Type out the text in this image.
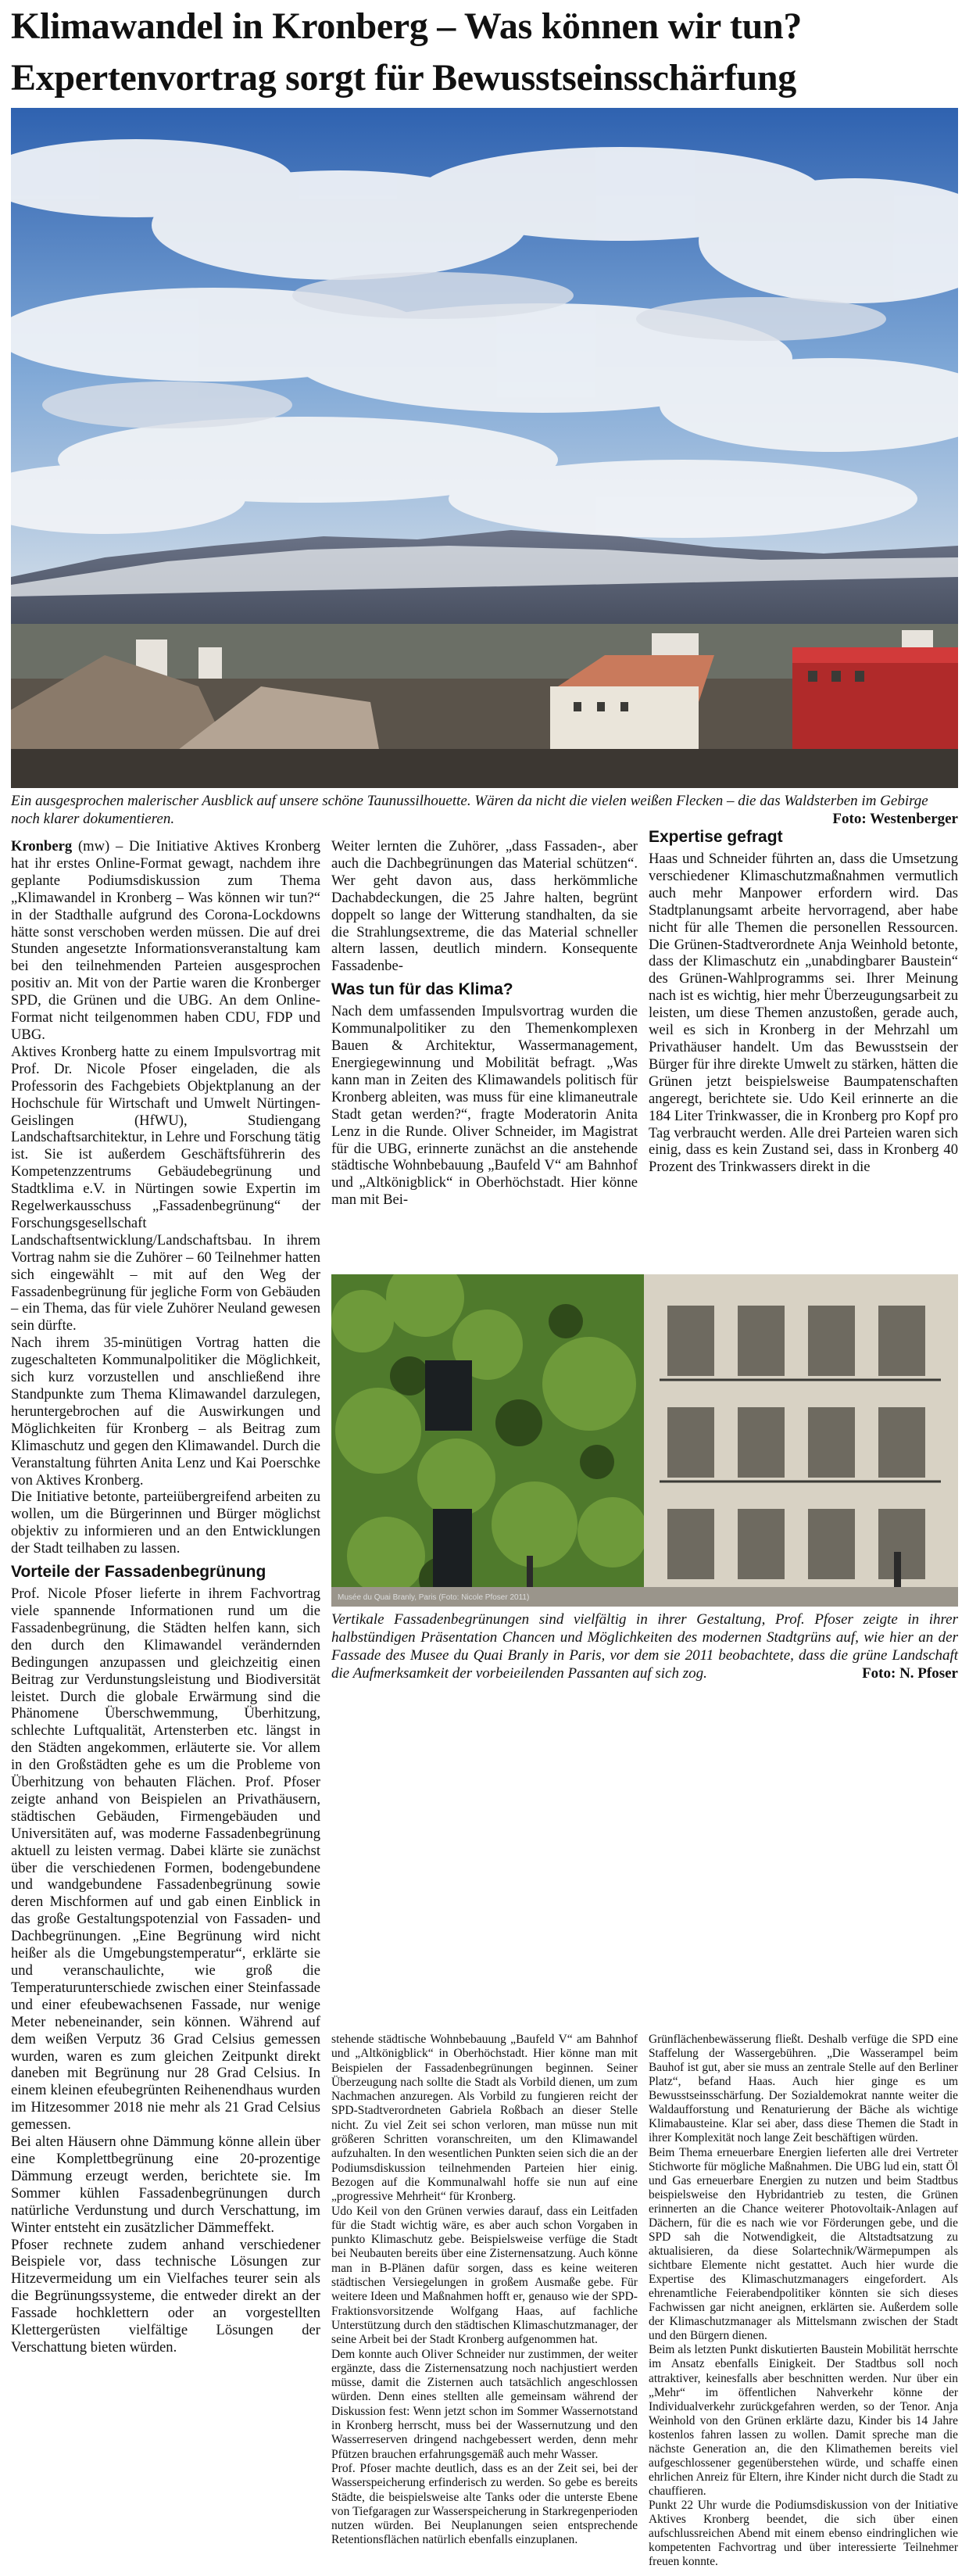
Klimawandel in Kronberg – Was können wir tun?
Expertenvortrag sorgt für Bewusstseinsschärfung
Ein ausgesprochen malerischer Ausblick auf unsere schöne Taunussilhouette. Wären da nicht die vielen weißen Flecken – die das Waldsterben im Gebirge noch klarer dokumentieren.	Foto: Westenberger

Kronberg (mw) – Die Initiative Aktives Kronberg hat ihr erstes Online-Format gewagt, nachdem ihre geplante Podiumsdiskussion zum Thema „Klimawandel in Kronberg – Was können wir tun?“ in der Stadthalle aufgrund des Corona-Lockdowns hätte sonst verschoben werden müssen. Die auf drei Stunden angesetzte Informationsveranstaltung kam bei den teilnehmenden Parteien ausgesprochen positiv an. Mit von der Partie waren die Kronberger SPD, die Grünen und die UBG. An dem Online-Format nicht teilgenommen haben CDU, FDP und UBG.

Aktives Kronberg hatte zu einem Impulsvortrag mit Prof. Dr. Nicole Pfoser eingeladen, die als Professorin des Fachgebiets Objektplanung an der Hochschule für Wirtschaft und Umwelt Nürtingen-Geislingen (HfWU), Studiengang Landschaftsarchitektur, in Lehre und Forschung tätig ist. Sie ist außerdem Geschäftsführerin des Kompetenzzentrums Gebäudebegrünung und Stadtklima e.V. in Nürtingen sowie Expertin im Regelwerkausschuss „Fassadenbegrünung“ der Forschungsgesellschaft Landschaftsentwicklung/Landschaftsbau. In ihrem Vortrag nahm sie die Zuhörer – 60 Teilnehmer hatten sich eingewählt – mit auf den Weg der Fassadenbegrünung für jegliche Form von Gebäuden – ein Thema, das für viele Zuhörer Neuland gewesen sein dürfte.

Nach ihrem 35-minütigen Vortrag hatten die zugeschalteten Kommunalpolitiker die Möglichkeit, sich kurz vorzustellen und anschließend ihre Standpunkte zum Thema Klimawandel darzulegen, heruntergebrochen auf die Auswirkungen und Möglichkeiten für Kronberg – als Beitrag zum Klimaschutz und gegen den Klimawandel. Durch die Veranstaltung führten Anita Lenz und Kai Poerschke von Aktives Kronberg.

Die Initiative betonte, parteiübergreifend arbeiten zu wollen, um die Bürgerinnen und Bürger möglichst objektiv zu informieren und an den Entwicklungen der Stadt teilhaben zu lassen.

Vorteile der Fassadenbegrünung

Prof. Nicole Pfoser lieferte in ihrem Fachvortrag viele spannende Informationen rund um die Fassadenbegrünung, die Städten helfen kann, sich den durch den Klimawandel verändernden Bedingungen anzupassen und gleichzeitig einen Beitrag zur Verdunstungsleistung und Biodiversität leistet. Durch die globale Erwärmung sind die Phänomene Überschwemmung, Überhitzung, schlechte Luftqualität, Artensterben etc. längst in den Städten angekommen, erläuterte sie. Vor allem in den Großstädten gehe es um die Probleme von Überhitzung von behauten Flächen. Prof. Pfoser zeigte anhand von Beispielen an Privathäusern, städtischen Gebäuden, Firmengebäuden und Universitäten auf, was moderne Fassadenbegrünung aktuell zu leisten vermag. Dabei klärte sie zunächst über die verschiedenen Formen, bodengebundene und wandgebundene Fassadenbegrünung sowie deren Mischformen auf und gab einen Einblick in das große Gestaltungspotenzial von Fassaden- und Dachbegrünungen. „Eine Begrünung wird nicht heißer als die Umgebungstemperatur“, erklärte sie und veranschaulichte, wie groß die Temperaturunterschiede zwischen einer Steinfassade und einer efeubewachsenen Fassade, nur wenige Meter nebeneinander, sein können. Während auf dem weißen Verputz 36 Grad Celsius gemessen wurden, waren es zum gleichen Zeitpunkt direkt daneben mit Begrünung nur 28 Grad Celsius. In einem kleinen efeubegrünten Reihenendhaus wurden im Hitzesommer 2018 nie mehr als 21 Grad Celsius gemessen.

Bei alten Häusern ohne Dämmung könne allein über eine Komplettbegrünung eine 20-prozentige Dämmung erzeugt werden, berichtete sie. Im Sommer kühlen Fassadenbegrünungen durch natürliche Verdunstung und durch Verschattung, im Winter entsteht ein zusätzlicher Dämmeffekt.

Pfoser rechnete zudem anhand verschiedener Beispiele vor, dass technische Lösungen zur Hitzevermeidung um ein Vielfaches teurer sein als die Begrünungssysteme, die entweder direkt an der Fassade hochklettern oder an vorgestellten Klettergerüsten vielfältige Lösungen der Verschattung bieten würden.

Weiter lernten die Zuhörer, „dass Fassaden-, aber auch die Dachbegrünungen das Material schützen“. Wer geht davon aus, dass herkömmliche Dachabdeckungen, die 25 Jahre halten, begrünt doppelt so lange der Witterung standhalten, da sie die Strahlungsextreme, die das Material schneller altern lassen, deutlich mindern. Konsequente Fassadenbe-

Was tun für das Klima?

Nach dem umfassenden Impulsvortrag wurden die Kommunalpolitiker zu den Themenkomplexen Bauen & Architektur, Wassermanagement, Energiegewinnung und Mobilität befragt. „Was kann man in Zeiten des Klimawandels politisch für Kronberg ableiten, was muss für eine klimaneutrale Stadt getan werden?“, fragte Moderatorin Anita Lenz in die Runde. Oliver Schneider, im Magistrat für die UBG, erinnerte zunächst an die anstehende städtische Wohnbebauung „Baufeld V“ am Bahnhof und „Altkönigblick“ in Oberhöchstadt. Hier könne man mit Bei-

Expertise gefragt

Haas und Schneider führten an, dass die Umsetzung verschiedener Klimaschutzmaßnahmen vermutlich auch mehr Manpower erfordern wird. Das Stadtplanungsamt arbeite hervorragend, aber habe nicht für alle Themen die personellen Ressourcen. Die Grünen-Stadtverordnete Anja Weinhold betonte, dass der Klimaschutz ein „unabdingbarer Baustein“ des Grünen-Wahlprogramms sei. Ihrer Meinung nach ist es wichtig, hier mehr Überzeugungsarbeit zu leisten, um diese Themen anzustoßen, gerade auch, weil es sich in Kronberg in der Mehrzahl um Privathäuser handelt. Um das Bewusstsein der Bürger für ihre direkte Umwelt zu stärken, hätten die Grünen jetzt beispielsweise Baumpatenschaften angeregt, berichtete sie. Udo Keil erinnerte an die 184 Liter Trinkwasser, die in Kronberg pro Kopf pro Tag verbraucht werden. Alle drei Parteien waren sich einig, dass es kein Zustand sei, dass in Kronberg 40 Prozent des Trinkwassers direkt in die

Musée du Quai Branly, Paris (Foto: Nicole Pfoser 2011)
Vertikale Fassadenbegrünungen sind vielfältig in ihrer Gestaltung, Prof. Pfoser zeigte in ihrer halbstündigen Präsentation Chancen und Möglichkeiten des modernen Stadtgrüns auf, wie hier an der Fassade des Musee du Quai Branly in Paris, vor dem sie 2011 beobachtete, dass die grüne Landschaft die Aufmerksamkeit der vorbeieilenden Passanten auf sich zog.	Foto: N. Pfoser

stehende städtische Wohnbebauung „Baufeld V“ am Bahnhof und „Altkönigblick“ in Oberhöchstadt. Hier könne man mit Beispielen der Fassadenbegrünungen beginnen. Seiner Überzeugung nach sollte die Stadt als Vorbild dienen, um zum Nachmachen anzuregen. Als Vorbild zu fungieren reicht der SPD-Stadtverordneten Gabriela Roßbach an dieser Stelle nicht. Zu viel Zeit sei schon verloren, man müsse nun mit größeren Schritten voranschreiten, um den Klimawandel aufzuhalten. In den wesentlichen Punkten seien sich die an der Podiumsdiskussion teilnehmenden Parteien hier einig. Bezogen auf die Kommunalwahl hoffe sie nun auf eine „progressive Mehrheit“ für Kronberg.

Udo Keil von den Grünen verwies darauf, dass ein Leitfaden für die Stadt wichtig wäre, es aber auch schon Vorgaben in punkto Klimaschutz gebe. Beispielsweise verfüge die Stadt bei Neubauten bereits über eine Zisternensatzung. Auch könne man in B-Plänen dafür sorgen, dass es keine weiteren städtischen Versiegelungen in großem Ausmaße gebe. Für weitere Ideen und Maßnahmen hofft er, genauso wie der SPD-Fraktionsvorsitzende Wolfgang Haas, auf fachliche Unterstützung durch den städtischen Klimaschutzmanager, der seine Arbeit bei der Stadt Kronberg aufgenommen hat.

Dem konnte auch Oliver Schneider nur zustimmen, der weiter ergänzte, dass die Zisternensatzung noch nachjustiert werden müsse, damit die Zisternen auch tatsächlich angeschlossen würden. Denn eines stellten alle gemeinsam während der Diskussion fest: Wenn jetzt schon im Sommer Wassernotstand in Kronberg herrscht, muss bei der Wassernutzung und den Wasserreserven dringend nachgebessert werden, denn mehr Pfützen brauchen erfahrungsgemäß auch mehr Wasser.

Prof. Pfoser machte deutlich, dass es an der Zeit sei, bei der Wasserspeicherung erfinderisch zu werden. So gebe es bereits Städte, die beispielsweise alte Tanks oder die unterste Ebene von Tiefgaragen zur Wasserspeicherung in Starkregenperioden nutzen würden. Bei Neuplanungen seien entsprechende Retentionsflächen natürlich ebenfalls einzuplanen.

Grünflächenbewässerung fließt. Deshalb verfüge die SPD eine Staffelung der Wassergebühren. „Die Wasserampel beim Bauhof ist gut, aber sie muss an zentrale Stelle auf den Berliner Platz“, befand Haas. Auch hier ginge es um Bewusstseinsschärfung. Der Sozialdemokrat nannte weiter die Waldaufforstung und Renaturierung der Bäche als wichtige Klimabausteine. Klar sei aber, dass diese Themen die Stadt in ihrer Komplexität noch lange Zeit beschäftigen würden.

Beim Thema erneuerbare Energien lieferten alle drei Vertreter Stichworte für mögliche Maßnahmen. Die UBG lud ein, statt Öl und Gas erneuerbare Energien zu nutzen und beim Stadtbus beispielsweise den Hybridantrieb zu testen, die Grünen erinnerten an die Chance weiterer Photovoltaik-Anlagen auf Dächern, für die es nach wie vor Förderungen gebe, und die SPD sah die Notwendigkeit, die Altstadtsatzung zu aktualisieren, da diese Solartechnik/Wärmepumpen als sichtbare Elemente nicht gestattet. Auch hier wurde die Expertise des Klimaschutzmanagers eingefordert. Als ehrenamtliche Feierabendpolitiker könnten sie sich dieses Fachwissen gar nicht aneignen, erklärten sie. Außerdem solle der Klimaschutzmanager als Mittelsmann zwischen der Stadt und den Bürgern dienen.

Beim als letzten Punkt diskutierten Baustein Mobilität herrschte im Ansatz ebenfalls Einigkeit. Der Stadtbus soll noch attraktiver, keinesfalls aber beschnitten werden. Nur über ein „Mehr“ im öffentlichen Nahverkehr könne der Individualverkehr zurückgefahren werden, so der Tenor. Anja Weinhold von den Grünen erklärte dazu, Kinder bis 14 Jahre kostenlos fahren lassen zu wollen. Damit spreche man die nächste Generation an, die den Klimathemen bereits viel aufgeschlossener gegenüberstehen würde, und schaffe einen ehrlichen Anreiz für Eltern, ihre Kinder nicht durch die Stadt zu chauffieren.

Punkt 22 Uhr wurde die Podiumsdiskussion von der Initiative Aktives Kronberg beendet, die sich über einen aufschlussreichen Abend mit einem ebenso eindringlichen wie kompetenten Fachvortrag und über interessierte Teilnehmer freuen konnte.
